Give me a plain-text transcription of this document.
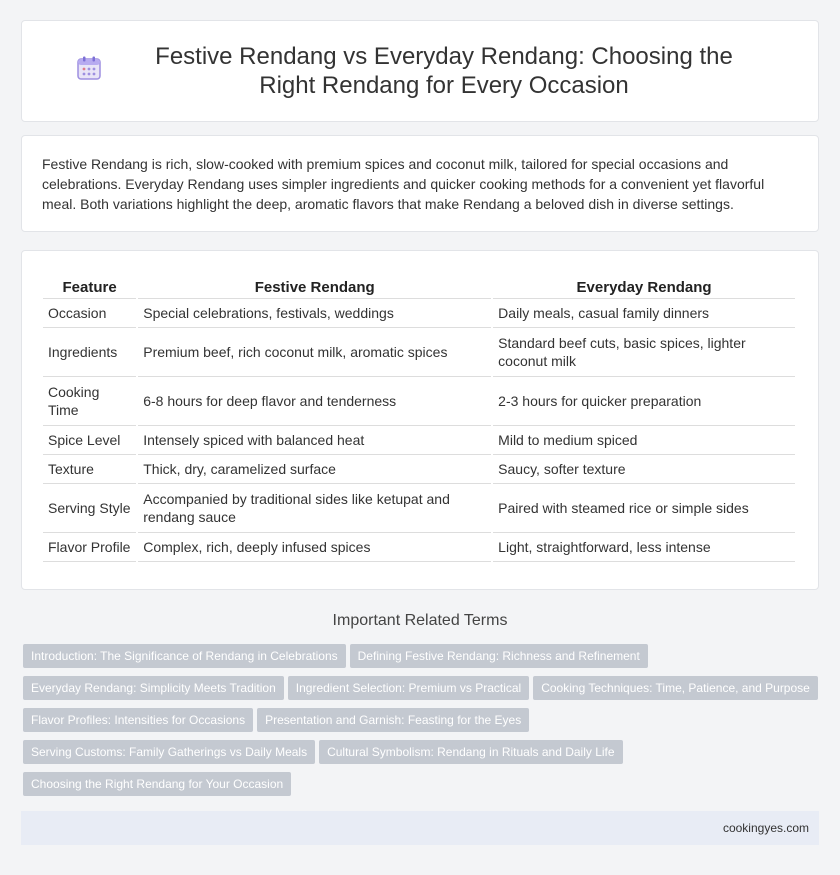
Festive Rendang vs Everyday Rendang: Choosing the Right Rendang for Every Occasion

Festive Rendang is rich, slow-cooked with premium spices and coconut milk, tailored for special occasions and celebrations. Everyday Rendang uses simpler ingredients and quicker cooking methods for a convenient yet flavorful meal. Both variations highlight the deep, aromatic flavors that make Rendang a beloved dish in diverse settings.

Feature	Festive Rendang	Everyday Rendang
Occasion	Special celebrations, festivals, weddings	Daily meals, casual family dinners
Ingredients	Premium beef, rich coconut milk, aromatic spices	Standard beef cuts, basic spices, lighter coconut milk
Cooking Time	6-8 hours for deep flavor and tenderness	2-3 hours for quicker preparation
Spice Level	Intensely spiced with balanced heat	Mild to medium spiced
Texture	Thick, dry, caramelized surface	Saucy, softer texture
Serving Style	Accompanied by traditional sides like ketupat and rendang sauce	Paired with steamed rice or simple sides
Flavor Profile	Complex, rich, deeply infused spices	Light, straightforward, less intense
Important Related Terms
Introduction: The Significance of Rendang in Celebrations Defining Festive Rendang: Richness and Refinement
Everyday Rendang: Simplicity Meets Tradition Ingredient Selection: Premium vs Practical Cooking Techniques: Time, Patience, and Purpose
Flavor Profiles: Intensities for Occasions Presentation and Garnish: Feasting for the Eyes
Serving Customs: Family Gatherings vs Daily Meals Cultural Symbolism: Rendang in Rituals and Daily Life
Choosing the Right Rendang for Your Occasion
cookingyes.com
